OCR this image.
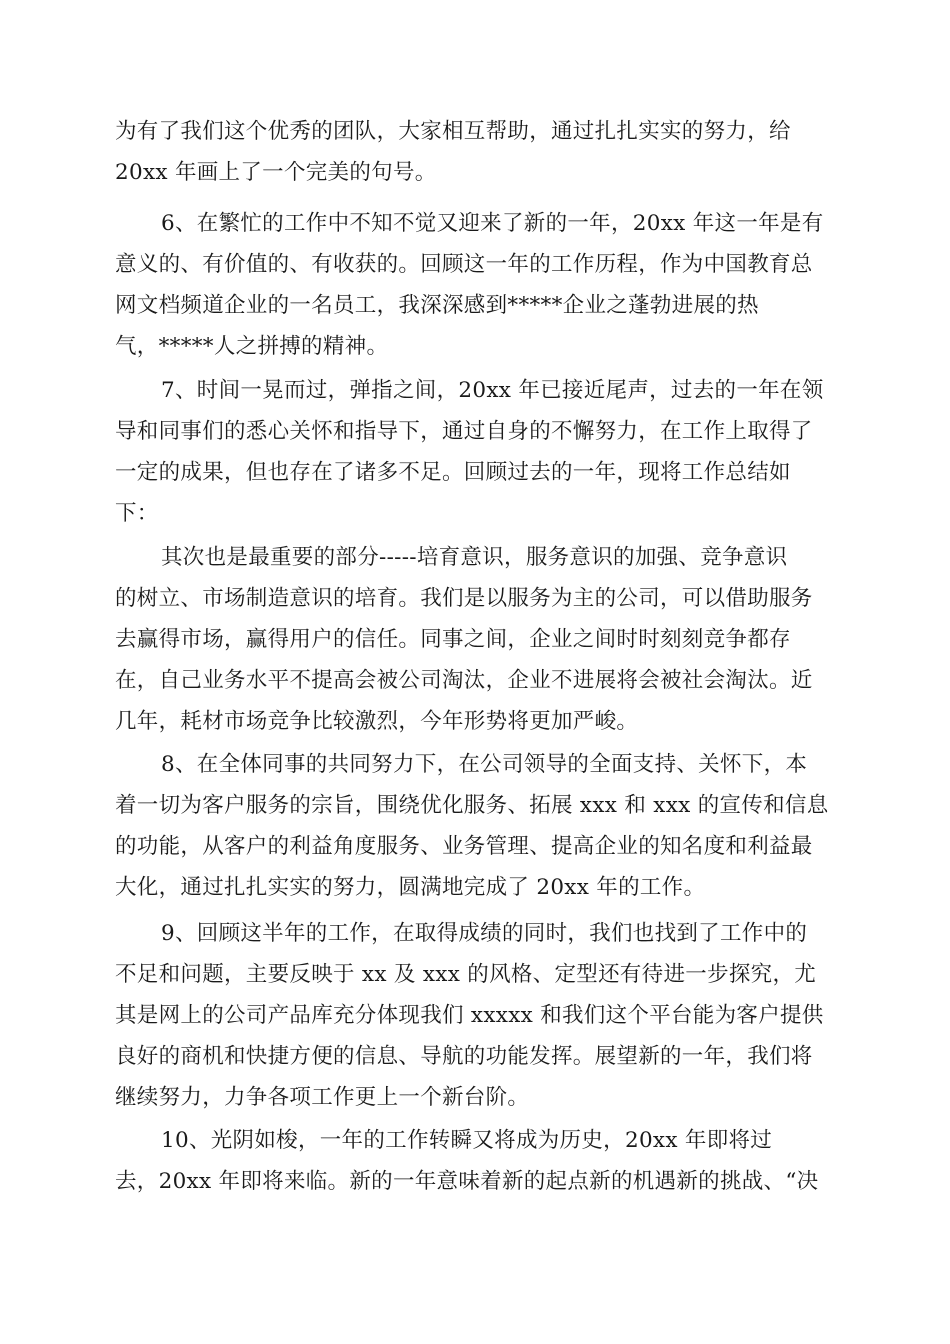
为有了我们这个优秀的团队，大家相互帮助，通过扎扎实实的努力，给
20xx 年画上了一个完美的句号。
6、在繁忙的工作中不知不觉又迎来了新的一年，20xx 年这一年是有
意义的、有价值的、有收获的。回顾这一年的工作历程，作为中国教育总
网文档频道企业的一名员工，我深深感到*****企业之蓬勃进展的热
气，*****人之拼搏的精神。
7、时间一晃而过，弹指之间，20xx 年已接近尾声，过去的一年在领
导和同事们的悉心关怀和指导下，通过自身的不懈努力，在工作上取得了
一定的成果，但也存在了诸多不足。回顾过去的一年，现将工作总结如
下：
其次也是最重要的部分-----培育意识，服务意识的加强、竞争意识
的树立、市场制造意识的培育。我们是以服务为主的公司，可以借助服务
去赢得市场，赢得用户的信任。同事之间，企业之间时时刻刻竞争都存
在，自己业务水平不提高会被公司淘汰，企业不进展将会被社会淘汰。近
几年，耗材市场竞争比较激烈，今年形势将更加严峻。
8、在全体同事的共同努力下，在公司领导的全面支持、关怀下，本
着一切为客户服务的宗旨，围绕优化服务、拓展 xxx 和 xxx 的宣传和信息
的功能，从客户的利益角度服务、业务管理、提高企业的知名度和利益最
大化，通过扎扎实实的努力，圆满地完成了 20xx 年的工作。
9、回顾这半年的工作，在取得成绩的同时，我们也找到了工作中的
不足和问题，主要反映于 xx 及 xxx 的风格、定型还有待进一步探究，尤
其是网上的公司产品库充分体现我们 xxxxx 和我们这个平台能为客户提供
良好的商机和快捷方便的信息、导航的功能发挥。展望新的一年，我们将
继续努力，力争各项工作更上一个新台阶。
10、光阴如梭，一年的工作转瞬又将成为历史，20xx 年即将过
去，20xx 年即将来临。新的一年意味着新的起点新的机遇新的挑战、“决
